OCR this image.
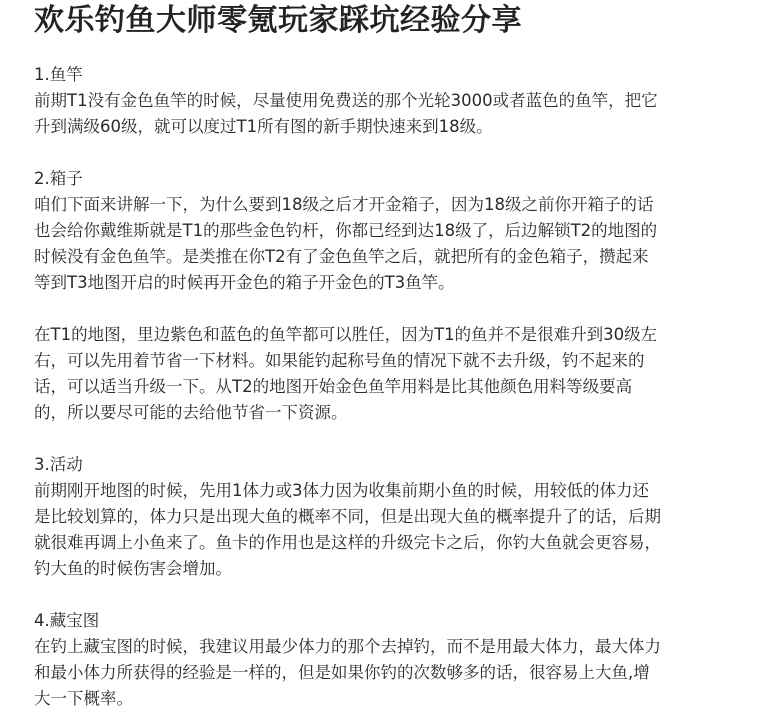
欢乐钓鱼大师零氪玩家踩坑经验分享

1.鱼竿

前期T1没有金色鱼竿的时候，尽量使用免费送的那个光轮3000或者蓝色的鱼竿，把它

升到满级60级，就可以度过T1所有图的新手期快速来到18级。

2.箱子

咱们下面来讲解一下，为什么要到18级之后才开金箱子，因为18级之前你开箱子的话

也会给你戴维斯就是T1的那些金色钓杆，你都已经到达18级了，后边解锁T2的地图的

时候没有金色鱼竿。是类推在你T2有了金色鱼竿之后，就把所有的金色箱子，攒起来

等到T3地图开启的时候再开金色的箱子开金色的T3鱼竿。

在T1的地图，里边紫色和蓝色的鱼竿都可以胜任，因为T1的鱼并不是很难升到30级左

右，可以先用着节省一下材料。如果能钓起称号鱼的情况下就不去升级，钓不起来的

话，可以适当升级一下。从T2的地图开始金色鱼竿用料是比其他颜色用料等级要高

的，所以要尽可能的去给他节省一下资源。

3.活动

前期刚开地图的时候，先用1体力或3体力因为收集前期小鱼的时候，用较低的体力还

是比较划算的，体力只是出现大鱼的概率不同，但是出现大鱼的概率提升了的话，后期

就很难再调上小鱼来了。鱼卡的作用也是这样的升级完卡之后，你钓大鱼就会更容易，

钓大鱼的时候伤害会增加。

4.藏宝图

在钓上藏宝图的时候，我建议用最少体力的那个去掉钓，而不是用最大体力，最大体力

和最小体力所获得的经验是一样的，但是如果你钓的次数够多的话，很容易上大鱼,增

大一下概率。
